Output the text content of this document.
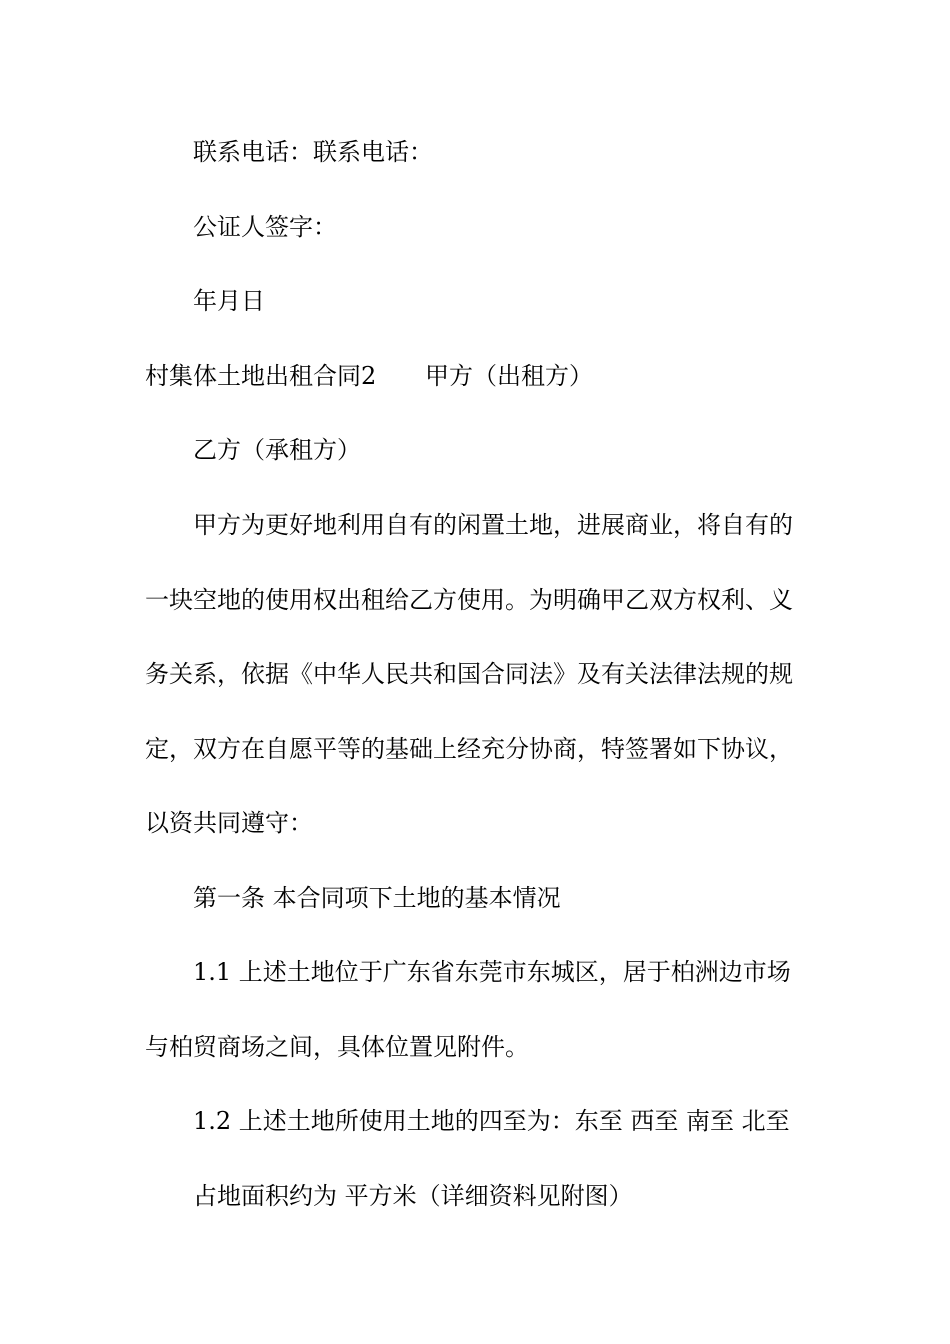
联系电话：联系电话：
公证人签字：
年月日
村集体土地出租合同2 甲方（出租方）
乙方（承租方）
甲方为更好地利用自有的闲置土地，进展商业，将自有的
一块空地的使用权出租给乙方使用。为明确甲乙双方权利、义
务关系，依据《中华人民共和国合同法》及有关法律法规的规
定，双方在自愿平等的基础上经充分协商，特签署如下协议，
以资共同遵守：
第一条 本合同项下土地的基本情况
1.1 上述土地位于广东省东莞市东城区，居于柏洲边市场
与柏贸商场之间，具体位置见附件。
1.2 上述土地所使用土地的四至为：东至 西至 南至 北至
占地面积约为 平方米（详细资料见附图）
